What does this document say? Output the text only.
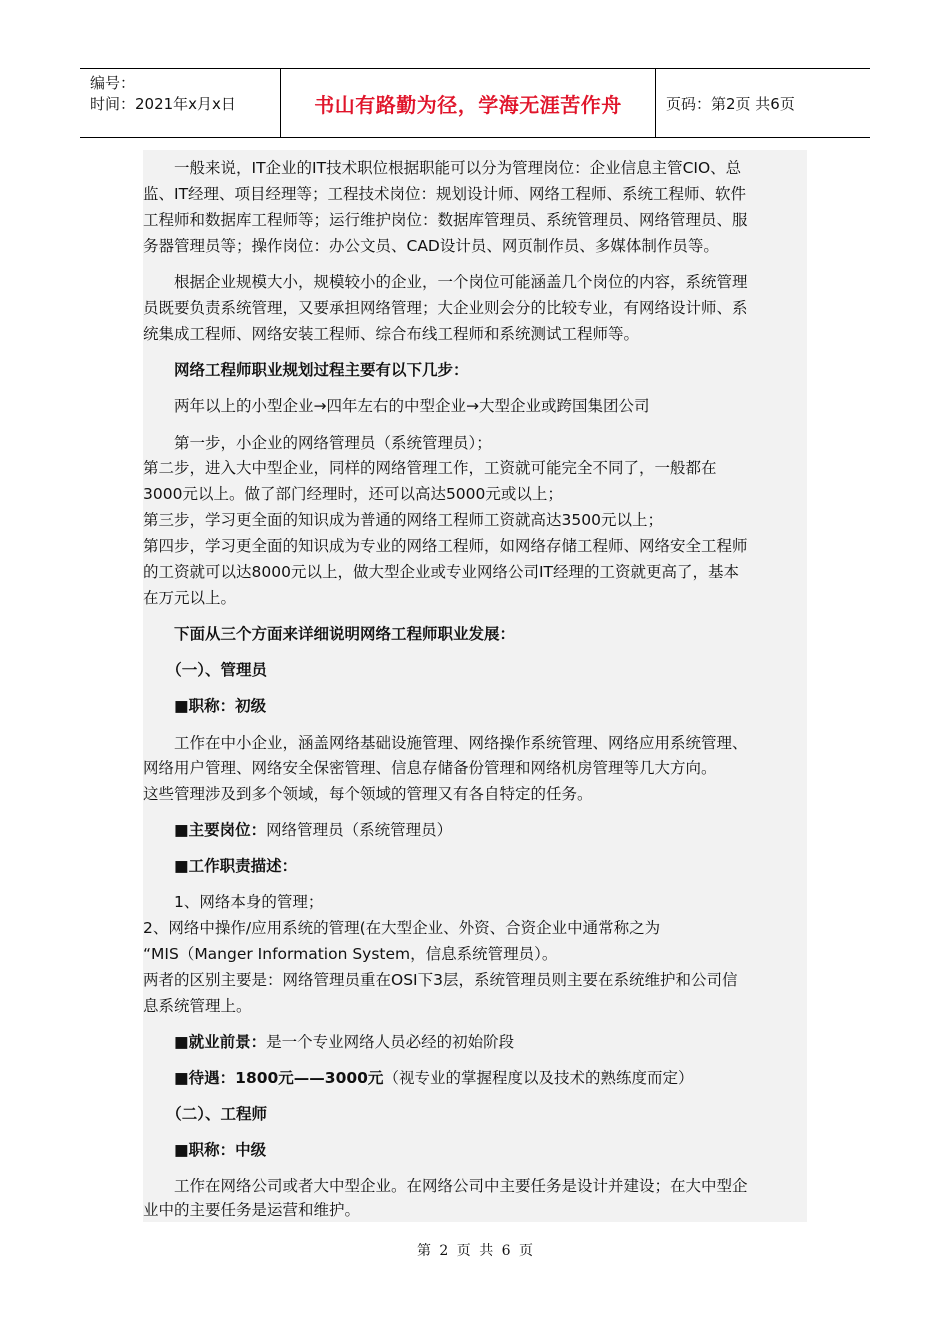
编号：
时间：2021年x月x日	书山有路勤为径，学海无涯苦作舟	页码：第2页 共6页
　　一般来说，IT企业的IT技术职位根据职能可以分为管理岗位：企业信息主管CIO、总
监、IT经理、项目经理等；工程技术岗位：规划设计师、网络工程师、系统工程师、软件
工程师和数据库工程师等；运行维护岗位：数据库管理员、系统管理员、网络管理员、服
务器管理员等；操作岗位：办公文员、CAD设计员、网页制作员、多媒体制作员等。
　　根据企业规模大小，规模较小的企业，一个岗位可能涵盖几个岗位的内容，系统管理
员既要负责系统管理，又要承担网络管理；大企业则会分的比较专业，有网络设计师、系
统集成工程师、网络安装工程师、综合布线工程师和系统测试工程师等。
　　网络工程师职业规划过程主要有以下几步：
　　两年以上的小型企业→四年左右的中型企业→大型企业或跨国集团公司
　　第一步，小企业的网络管理员（系统管理员）；
第二步，进入大中型企业，同样的网络管理工作，工资就可能完全不同了，一般都在
3000元以上。做了部门经理时，还可以高达5000元或以上；
第三步，学习更全面的知识成为普通的网络工程师工资就高达3500元以上；
第四步，学习更全面的知识成为专业的网络工程师，如网络存储工程师、网络安全工程师
的工资就可以达8000元以上，做大型企业或专业网络公司IT经理的工资就更高了，基本
在万元以上。
　　下面从三个方面来详细说明网络工程师职业发展：
　　（一）、管理员
　　■职称：初级
　　工作在中小企业，涵盖网络基础设施管理、网络操作系统管理、网络应用系统管理、
网络用户管理、网络安全保密管理、信息存储备份管理和网络机房管理等几大方向。
这些管理涉及到多个领域，每个领域的管理又有各自特定的任务。
　　■主要岗位：网络管理员（系统管理员）
　　■工作职责描述：
　　1、网络本身的管理；
2、网络中操作/应用系统的管理(在大型企业、外资、合资企业中通常称之为
“MIS（Manger Information System，信息系统管理员）。
两者的区别主要是：网络管理员重在OSI下3层，系统管理员则主要在系统维护和公司信
息系统管理上。
　　■就业前景：是一个专业网络人员必经的初始阶段
　　■待遇：1800元——3000元（视专业的掌握程度以及技术的熟练度而定）
　　（二）、工程师
　　■职称：中级
　　工作在网络公司或者大中型企业。在网络公司中主要任务是设计并建设；在大中型企
业中的主要任务是运营和维护。
第 2 页 共 6 页
